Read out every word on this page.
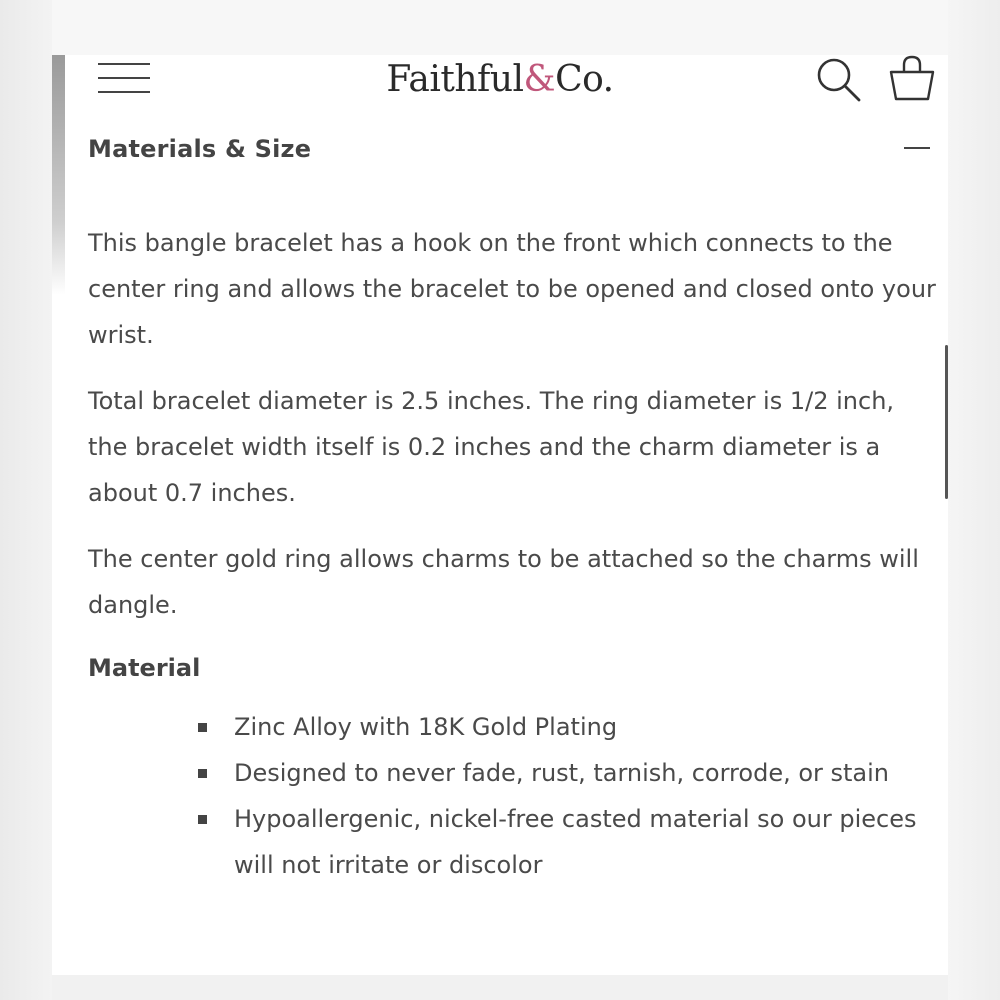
Faithful&Co.
Materials & Size

This bangle bracelet has a hook on the front which connects to the center ring and allows the bracelet to be opened and closed onto your wrist.

Total bracelet diameter is 2.5 inches. The ring diameter is 1/2 inch, the bracelet width itself is 0.2 inches and the charm diameter is a about 0.7 inches.

The center gold ring allows charms to be attached so the charms will dangle.

Material
Zinc Alloy with 18K Gold Plating
Designed to never fade, rust, tarnish, corrode, or stain
Hypoallergenic, nickel-free casted material so our pieces will not irritate or discolor
